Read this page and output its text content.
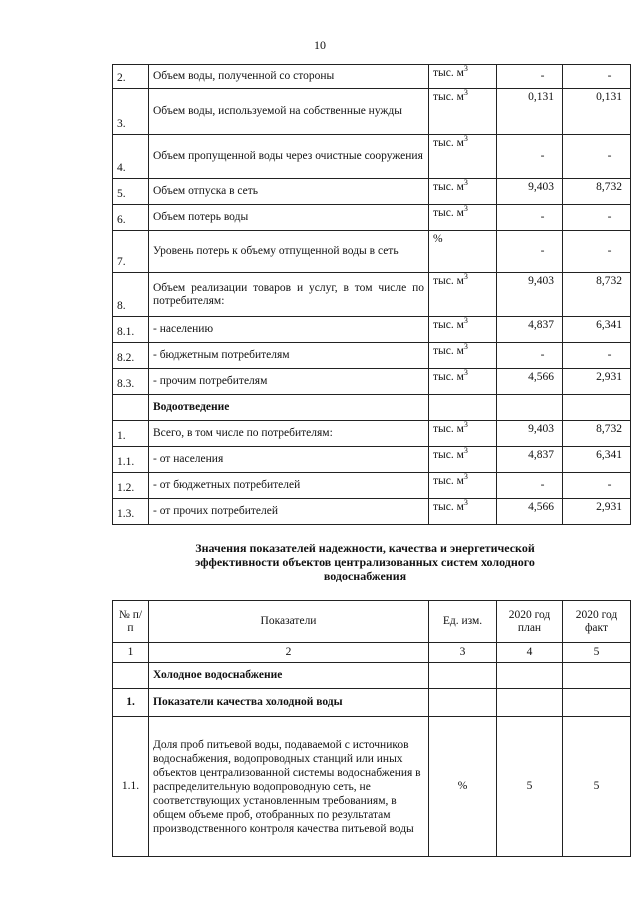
10
2.	Объем воды, полученной со стороны	тыс. $м^3$	-	-
3.	Объем воды, используемой на собственные нужды	тыс. $м^3$	0,131	0,131
4.	Объем пропущенной воды через очистные сооружения	тыс. $м^3$	-	-
5.	Объем отпуска в сеть	тыс. $м^3$	9,403	8,732
6.	Объем потерь воды	тыс. $м^3$	-	-
7.	Уровень потерь к объему отпущенной воды в сеть	%	-	-
8.	Объем реализации товаров и услуг, в том числе по потребителям:	тыс. $м^3$	9,403	8,732
8.1.	- населению	тыс. $м^3$	4,837	6,341
8.2.	- бюджетным потребителям	тыс. $м^3$	-	-
8.3.	- прочим потребителям	тыс. $м^3$	4,566	2,931
	Водоотведение			
1.	Всего, в том числе по потребителям:	тыс. $м^3$	9,403	8,732
1.1.	- от населения	тыс. $м^3$	4,837	6,341
1.2.	- от бюджетных потребителей	тыс. $м^3$	-	-
1.3.	- от прочих потребителей	тыс. $м^3$	4,566	2,931
Значения показателей надежности, качества и энергетической эффективности объектов централизованных систем холодного водоснабжения
№ п/п	Показатели	Ед. изм.	2020 год план	2020 год факт
1	2	3	4	5
	Холодное водоснабжение			
1.	Показатели качества холодной воды			
1.1.	Доля проб питьевой воды, подаваемой с источников водоснабжения, водопроводных станций или иных объектов централизованной системы водоснабжения в распределительную водопроводную сеть, не соответствующих установленным требованиям, в общем объеме проб, отобранных по результатам производственного контроля качества питьевой воды	%	5	5
